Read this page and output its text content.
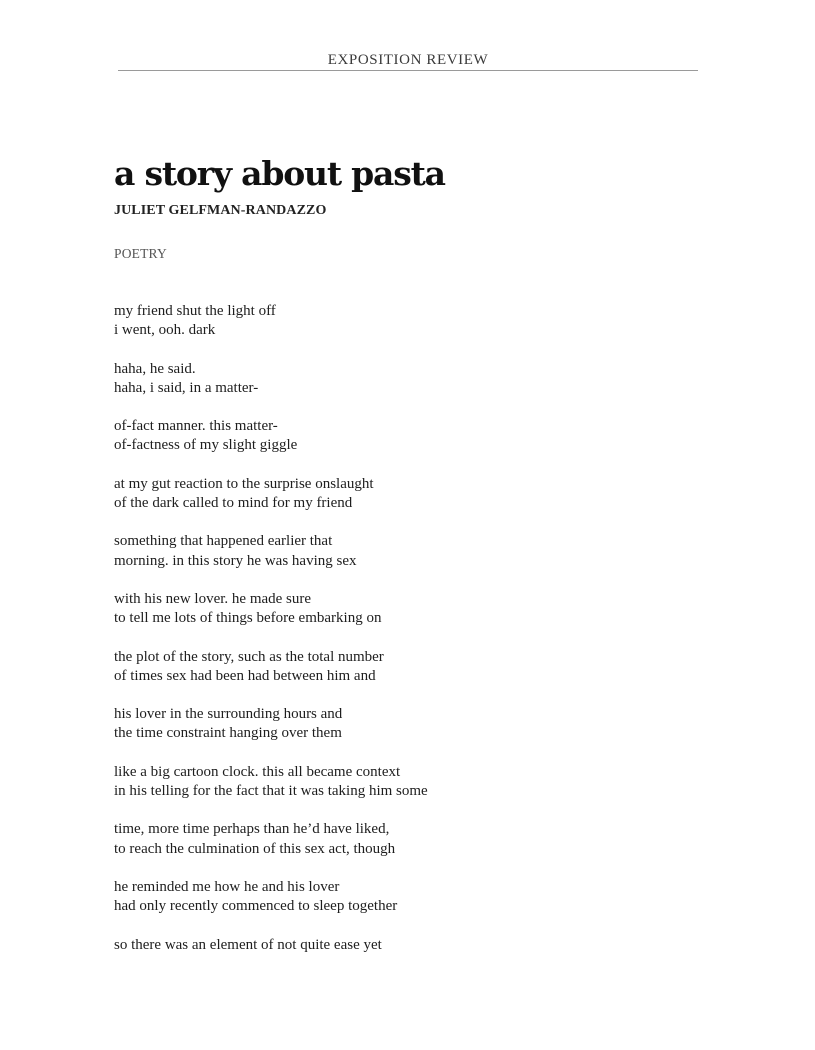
EXPOSITION REVIEW
a story about pasta
JULIET GELFMAN-RANDAZZO
POETRY
my friend shut the light off
i went, ooh. dark
haha, he said.
haha, i said, in a matter-
of-fact manner. this matter-
of-factness of my slight giggle
at my gut reaction to the surprise onslaught
of the dark called to mind for my friend
something that happened earlier that
morning. in this story he was having sex
with his new lover. he made sure
to tell me lots of things before embarking on
the plot of the story, such as the total number
of times sex had been had between him and
his lover in the surrounding hours and
the time constraint hanging over them
like a big cartoon clock. this all became context
in his telling for the fact that it was taking him some
time, more time perhaps than he’d have liked,
to reach the culmination of this sex act, though
he reminded me how he and his lover
had only recently commenced to sleep together
so there was an element of not quite ease yet
